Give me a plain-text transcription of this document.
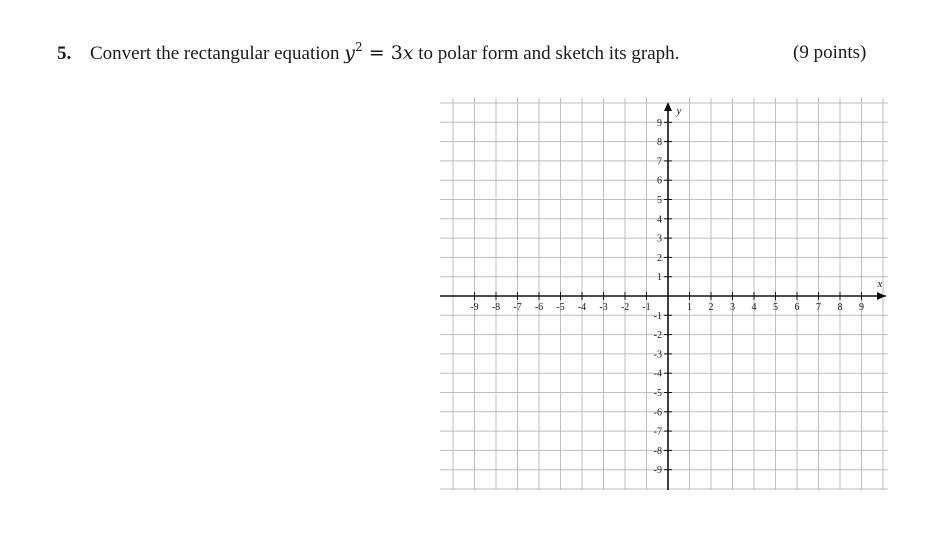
5. Convert the rectangular equation $y^2 = 3x$ to polar form and sketch its graph.	(9 points)
-9 -8 -7 -6 -5 -4 -3 -2 -1	1 2 3 4 5 6 7 8 9
-9
-8
-7
-6
-5
-4
-3
-2
-1
1
2
3
4
5
6
7
8
9
x
y
